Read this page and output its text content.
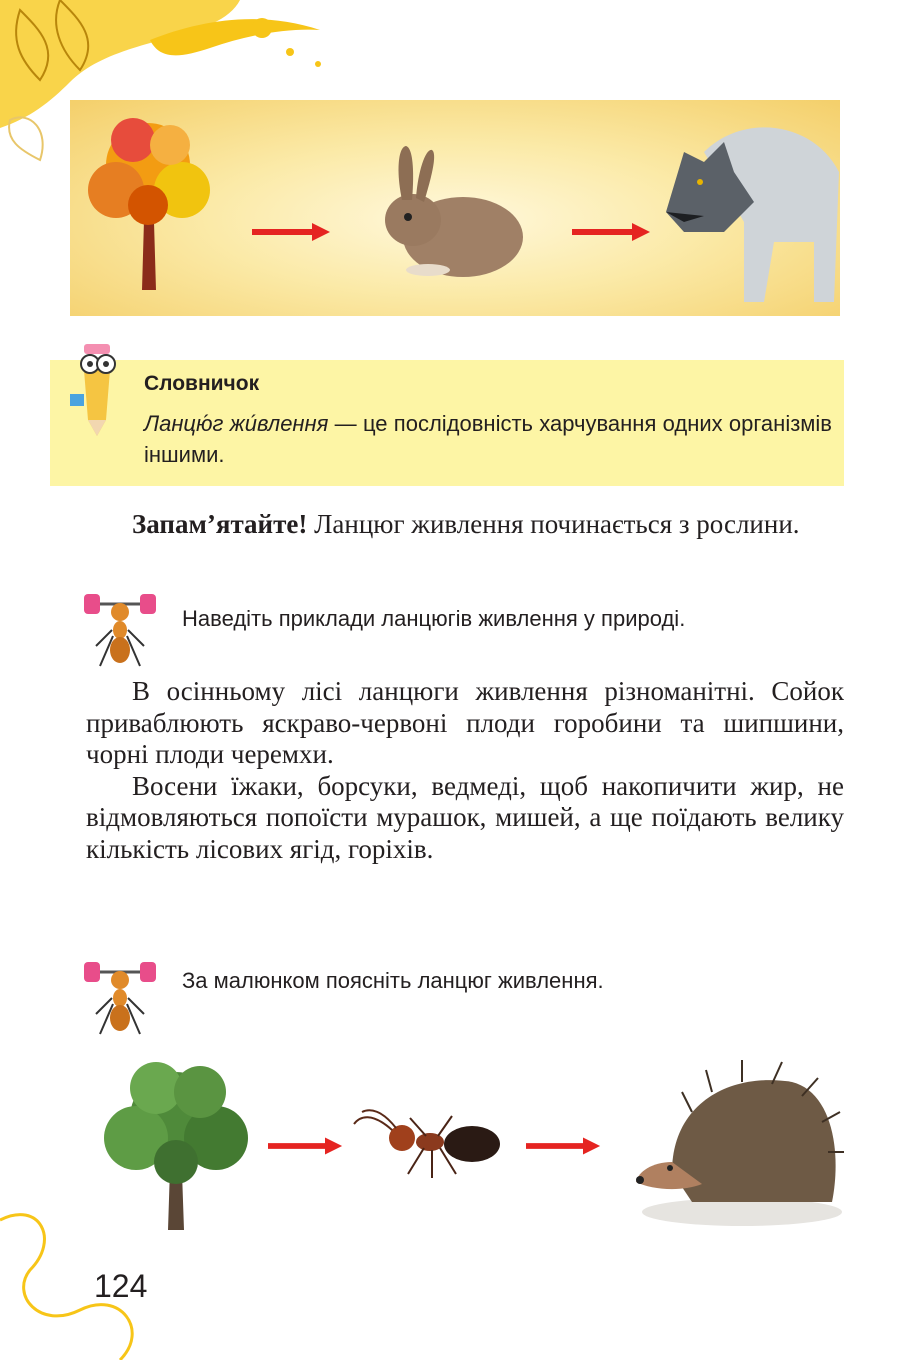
Словничок
Ланцю́г жи́влення — це послідовність харчування одних організмів іншими.
Запам’ятайте! Ланцюг живлення починається з рослини.
Наведіть приклади ланцюгів живлення у природі.

В осінньому лісі ланцюги живлення різноманітні. Сойок приваблюють яскраво-червоні плоди горобини та шипшини, чорні плоди черемхи.

Восени їжаки, борсуки, ведмеді, щоб накопичити жир, не відмовляються попоїсти мурашок, мишей, а ще поїдають велику кількість лісових ягід, горіхів.

За малюнком поясніть ланцюг живлення.
124
